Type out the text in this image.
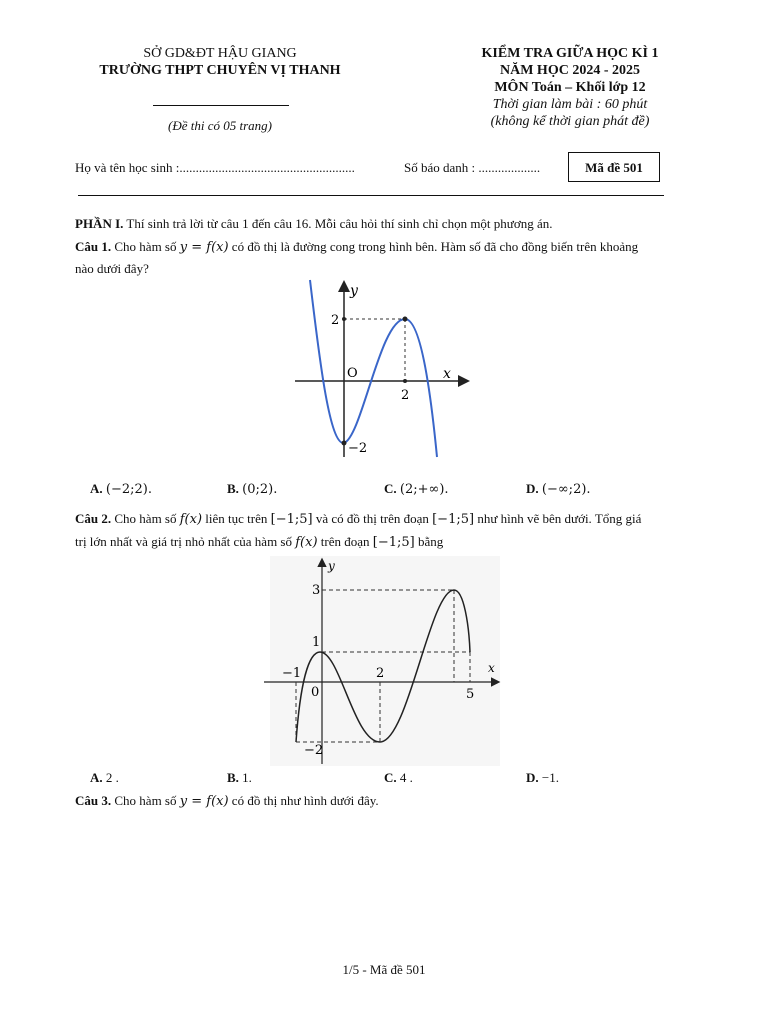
SỞ GD&ĐT HẬU GIANG
TRƯỜNG THPT CHUYÊN VỊ THANH
(Đề thi có 05 trang)
KIỂM TRA GIỮA HỌC KÌ 1
NĂM HỌC 2024 - 2025
MÔN Toán – Khối lớp 12
Thời gian làm bài : 60 phút
(không kể thời gian phát đề)
Họ và tên học sinh :......................................................	Số báo danh : ...................	Mã đề 501
PHẦN I. Thí sinh trả lời từ câu 1 đến câu 16. Mỗi câu hỏi thí sinh chỉ chọn một phương án.
Câu 1. Cho hàm số y = f(x) có đồ thị là đường cong trong hình bên. Hàm số đã cho đồng biến trên khoảng
nào dưới đây?
y
x
O
2
2
−2
A. (−2;2).	B. (0;2).	C. (2;+∞).	D. (−∞;2).
Câu 2. Cho hàm số f(x) liên tục trên [−1;5] và có đồ thị trên đoạn [−1;5] như hình vẽ bên dưới. Tổng giá
trị lớn nhất và giá trị nhỏ nhất của hàm số f(x) trên đoạn [−1;5] bằng
y
x
3
1
−1	2
0	5
−2
A. 2 .	B. 1.	C. 4 .	D. −1.
Câu 3. Cho hàm số y = f(x) có đồ thị như hình dưới đây.
1/5 - Mã đề 501
